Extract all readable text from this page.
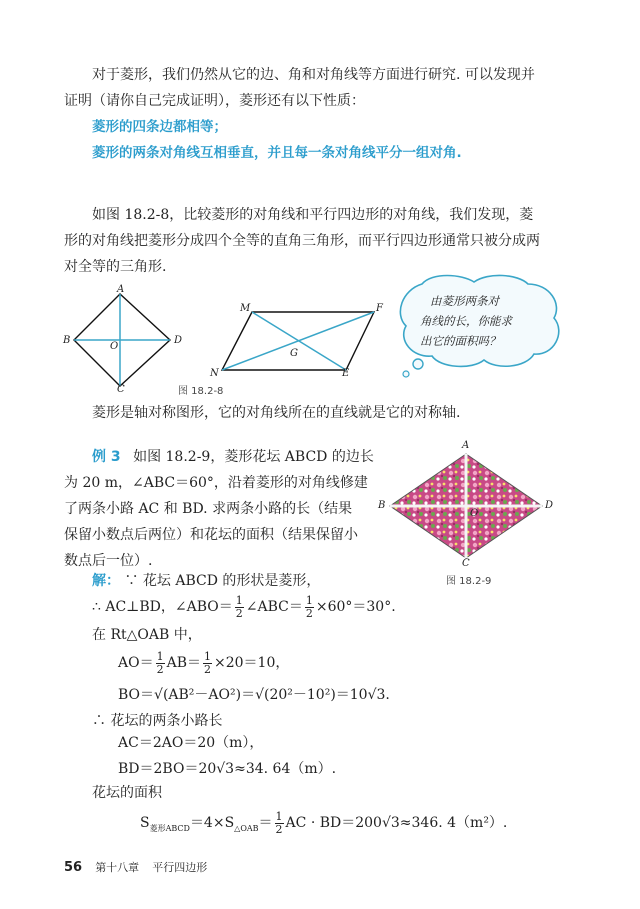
对于菱形，我们仍然从它的边、角和对角线等方面进行研究. 可以发现并
证明（请你自己完成证明），菱形还有以下性质：
菱形的四条边都相等；
菱形的两条对角线互相垂直，并且每一条对角线平分一组对角.
如图 18.2-8，比较菱形的对角线和平行四边形的对角线，我们发现，菱
形的对角线把菱形分成四个全等的直角三角形，而平行四边形通常只被分成两
对全等的三角形.
A
B
C
D
O
M	F
N	E
G
图 18.2-8
由菱形两条对
角线的长，你能求
出它的面积吗？
菱形是轴对称图形，它的对角线所在的直线就是它的对称轴.
例 3 如图 18.2-9，菱形花坛 ABCD 的边长
为 20 m，∠ABC＝60°，沿着菱形的对角线修建
了两条小路 AC 和 BD. 求两条小路的长（结果
保留小数点后两位）和花坛的面积（结果保留小
数点后一位）.
A
B
C
D
O
图 18.2-9
解： ∵ 花坛 ABCD 的形状是菱形，
∴ AC⊥BD，∠ABO＝ $\frac{1}{2}$ ∠ABC＝ $\frac{1}{2} \times 60^\circ=30^\circ$.
在 Rt△OAB 中，
$AO= \frac{1}{2} AB= \frac{1}{2} \times 20=10$，
BO＝√(AB²－AO²)＝√(20²－10²)＝10√3.
∴ 花坛的两条小路长
AC＝2AO＝20（m），
BD＝2BO＝20√3≈34. 64（m）.
花坛的面积
$S_{菱形ABCD}=4\times S_{\triangle OAB}= \frac{1}{2}$ AC · BD＝200√3≈346. 4（m²）.
56 第十八章 平行四边形
